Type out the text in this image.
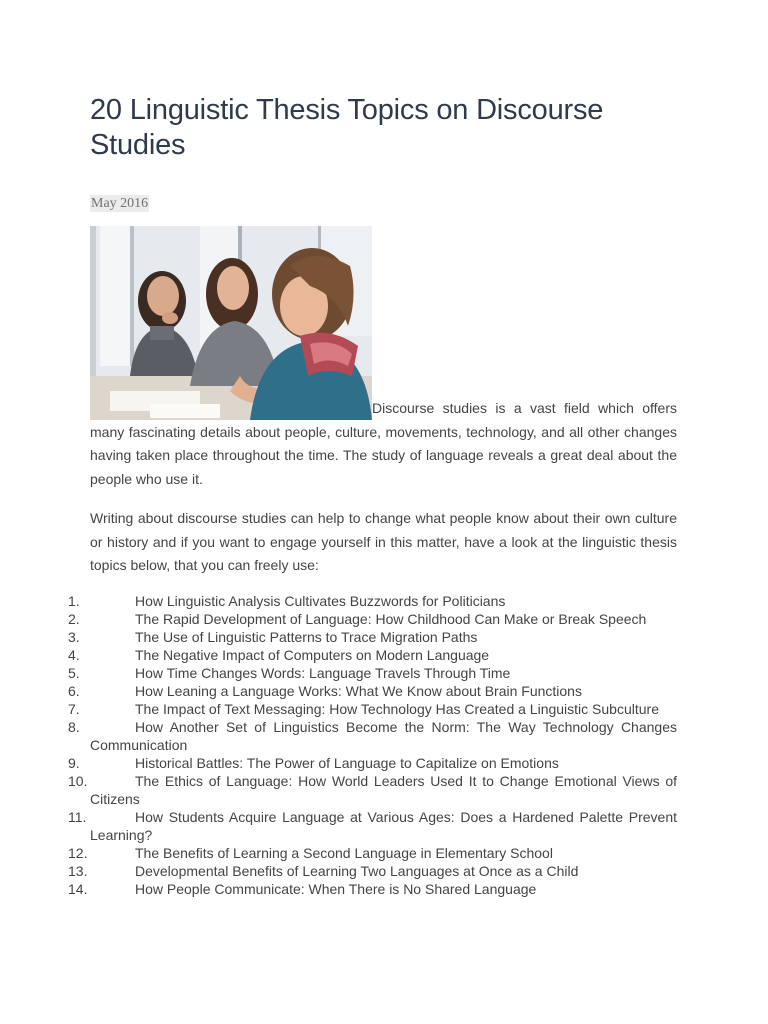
20 Linguistic Thesis Topics on Discourse Studies
May 2016
Discourse studies is a vast field which offers many fascinating details about people, culture, movements, technology, and all other changes having taken place throughout the time. The study of language reveals a great deal about the people who use it.

Writing about discourse studies can help to change what people know about their own culture or history and if you want to engage yourself in this matter, have a look at the linguistic thesis topics below, that you can freely use:

1.	How Linguistic Analysis Cultivates Buzzwords for Politicians
2.	The Rapid Development of Language: How Childhood Can Make or Break Speech
3.	The Use of Linguistic Patterns to Trace Migration Paths
4.	The Negative Impact of Computers on Modern Language
5.	How Time Changes Words: Language Travels Through Time
6.	How Leaning a Language Works: What We Know about Brain Functions
7.	The Impact of Text Messaging: How Technology Has Created a Linguistic Subculture
8.	How Another Set of Linguistics Become the Norm: The Way Technology Changes Communication
9.	Historical Battles: The Power of Language to Capitalize on Emotions
10.	The Ethics of Language: How World Leaders Used It to Change Emotional Views of Citizens
11.	How Students Acquire Language at Various Ages: Does a Hardened Palette Prevent Learning?
12.	The Benefits of Learning a Second Language in Elementary School
13.	Developmental Benefits of Learning Two Languages at Once as a Child
14.	How People Communicate: When There is No Shared Language
